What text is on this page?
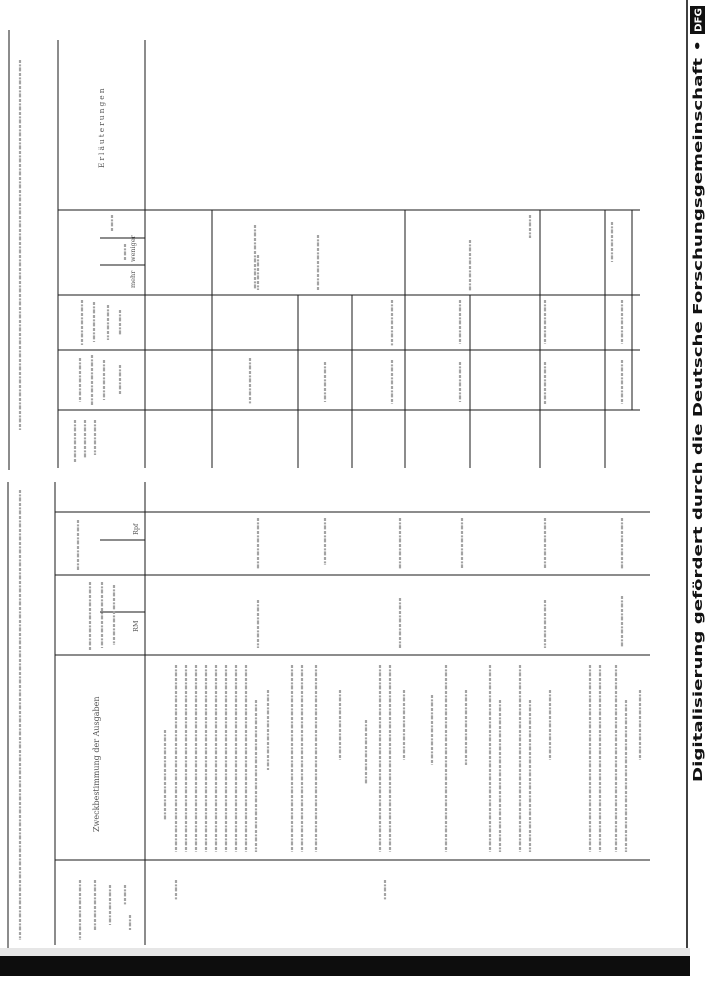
Zweckbestimmung der Ausgaben
RM
Rpf
Erläuterungen
mehr
weniger
Digitalisierung gefördert durch die Deutsche Forschungsgemeinschaft •
DFG
